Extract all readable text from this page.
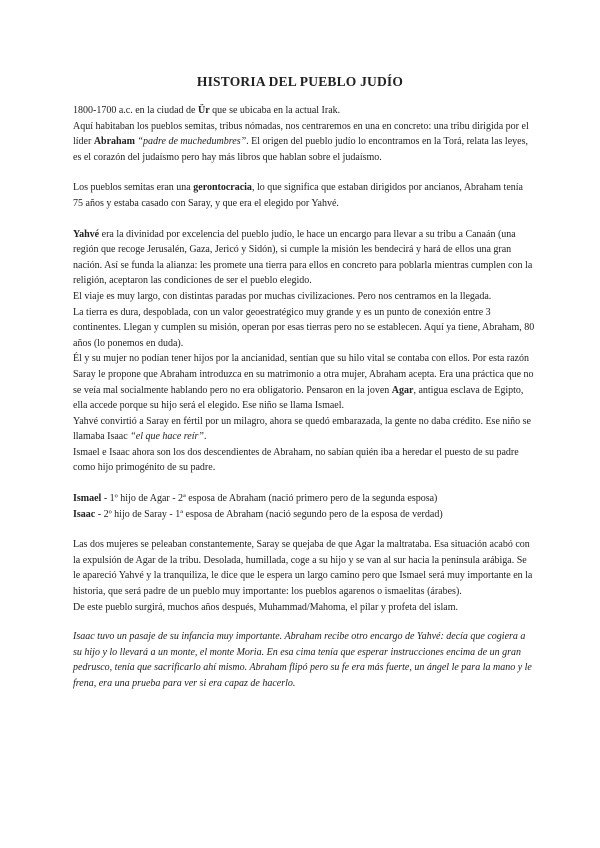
HISTORIA DEL PUEBLO JUDÍO

1800-1700 a.c. en la ciudad de Ür que se ubicaba en la actual Irak.

Aquí habitaban los pueblos semitas, tribus nómadas, nos centraremos en una en concreto: una tribu dirigida por el líder Abraham “padre de muchedumbres”. El origen del pueblo judío lo encontramos en la Torá, relata las leyes, es el corazón del judaísmo pero hay más libros que hablan sobre el judaísmo.

Los pueblos semitas eran una gerontocracia, lo que significa que estaban dirigidos por ancianos, Abraham tenía 75 años y estaba casado con Saray, y que era el elegido por Yahvé.

Yahvé era la divinidad por excelencia del pueblo judío, le hace un encargo para llevar a su tribu a Canaán (una región que recoge Jerusalén, Gaza, Jericó y Sidón), si cumple la misión les bendecirá y hará de ellos una gran nación. Así se funda la alianza: les promete una tierra para ellos en concreto para poblarla mientras cumplen con la religión, aceptaron las condiciones de ser el pueblo elegido.

El viaje es muy largo, con distintas paradas por muchas civilizaciones. Pero nos centramos en la llegada.

La tierra es dura, despoblada, con un valor geoestratégico muy grande y es un punto de conexión entre 3 continentes. Llegan y cumplen su misión, operan por esas tierras pero no se establecen. Aquí ya tiene, Abraham, 80 años (lo ponemos en duda).

Él y su mujer no podían tener hijos por la ancianidad, sentían que su hilo vital se contaba con ellos. Por esta razón Saray le propone que Abraham introduzca en su matrimonio a otra mujer, Abraham acepta. Era una práctica que no se veía mal socialmente hablando pero no era obligatorio. Pensaron en la joven Agar, antigua esclava de Egipto, ella accede porque su hijo será el elegido. Ese niño se llama Ismael.

Yahvé convirtió a Saray en fértil por un milagro, ahora se quedó embarazada, la gente no daba crédito. Ese niño se llamaba Isaac “el que hace reír”.

Ismael e Isaac ahora son los dos descendientes de Abraham, no sabían quién iba a heredar el puesto de su padre como hijo primogénito de su padre.

Ismael - 1º hijo de Agar - 2ª esposa de Abraham (nació primero pero de la segunda esposa)

Isaac - 2º hijo de Saray - 1ª esposa de Abraham (nació segundo pero de la esposa de verdad)

Las dos mujeres se peleaban constantemente, Saray se quejaba de que Agar la maltrataba. Esa situación acabó con la expulsión de Agar de la tribu. Desolada, humillada, coge a su hijo y se van al sur hacia la península arábiga. Se le apareció Yahvé y la tranquiliza, le dice que le espera un largo camino pero que Ismael será muy importante en la historia, que será padre de un pueblo muy importante: los pueblos agarenos o ismaelitas (árabes).

De este pueblo surgirá, muchos años después, Muhammad/Mahoma, el pilar y profeta del islam.

Isaac tuvo un pasaje de su infancia muy importante. Abraham recibe otro encargo de Yahvé: decía que cogiera a su hijo y lo llevará a un monte, el monte Moria. En esa cima tenía que esperar instrucciones encima de un gran pedrusco, tenía que sacrificarlo ahí mismo. Abraham flipó pero su fe era más fuerte, un ángel le para la mano y le frena, era una prueba para ver si era capaz de hacerlo.
